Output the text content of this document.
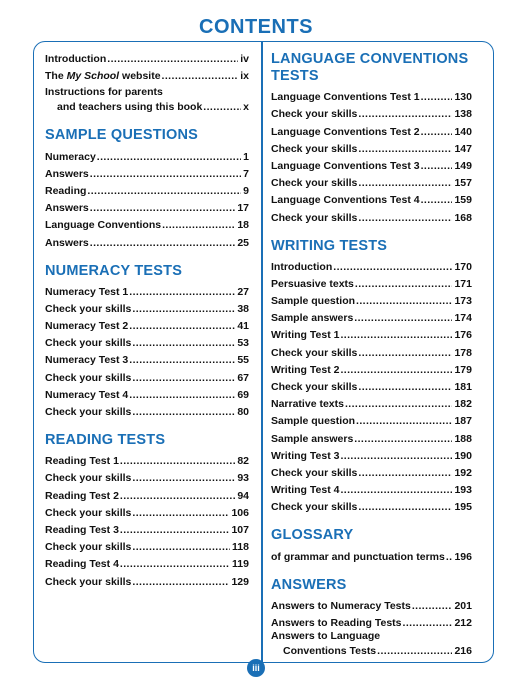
CONTENTS
Introduction .....	iv
The My School website .....	ix
Instructions for parents
and teachers using this book .....	x
SAMPLE QUESTIONS
Numeracy .....	1
Answers .....	7
Reading .....	9
Answers .....	17
Language Conventions .....	18
Answers .....	25
NUMERACY TESTS
Numeracy Test 1 .....	27
Check your skills .....	38
Numeracy Test 2 .....	41
Check your skills .....	53
Numeracy Test 3 .....	55
Check your skills .....	67
Numeracy Test 4 .....	69
Check your skills .....	80
READING TESTS
Reading Test 1 .....	82
Check your skills .....	93
Reading Test 2 .....	94
Check your skills .....	106
Reading Test 3 .....	107
Check your skills .....	118
Reading Test 4 .....	119
Check your skills .....	129
LANGUAGE CONVENTIONS
TESTS
Language Conventions Test 1 .....	130
Check your skills .....	138
Language Conventions Test 2 .....	140
Check your skills .....	147
Language Conventions Test 3 .....	149
Check your skills .....	157
Language Conventions Test 4 .....	159
Check your skills .....	168
WRITING TESTS
Introduction .....	170
Persuasive texts .....	171
Sample question .....	173
Sample answers .....	174
Writing Test 1 .....	176
Check your skills .....	178
Writing Test 2 .....	179
Check your skills .....	181
Narrative texts .....	182
Sample question .....	187
Sample answers .....	188
Writing Test 3 .....	190
Check your skills .....	192
Writing Test 4 .....	193
Check your skills .....	195
GLOSSARY
of grammar and punctuation terms ..... 196
ANSWERS
Answers to Numeracy Tests .....	201
Answers to Reading Tests .....	212
Answers to Language
Conventions Tests .....	216
iii
